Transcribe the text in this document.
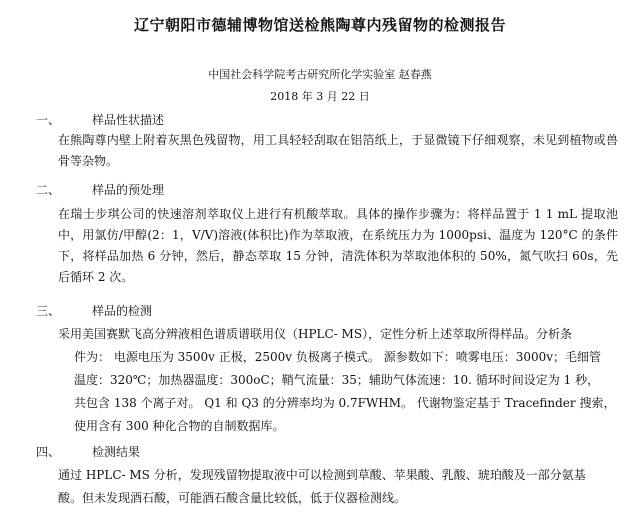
辽宁朝阳市德辅博物馆送检熊陶尊内残留物的检测报告
中国社会科学院考古研究所化学实验室 赵春燕
2018 年 3 月 22 日
一、	样品性状描述
在熊陶尊内壁上附着灰黑色残留物，用工具轻轻刮取在铝箔纸上，于显微镜下仔细观察，未见到植物或兽骨等杂物。
二、	样品的预处理
在瑞士步琪公司的快速溶剂萃取仪上进行有机酸萃取。具体的操作步骤为：将样品置于 1 1 mL 提取池中，用氯仿/甲醇(2：1，V/V)溶液(体积比)作为萃取液，在系统压力为 1000psi、温度为 120°C 的条件下，将样品加热 6 分钟，然后，静态萃取 15 分钟，清洗体积为萃取池体积的 50%，氮气吹扫 60s，先后循环 2 次。
三、	样品的检测
采用美国赛默飞高分辨液相色谱质谱联用仪（HPLC- MS），定性分析上述萃取所得样品。分析条
件为： 电源电压为 3500v 正极，2500v 负极离子模式。 源参数如下：喷雾电压：3000v；毛细管
温度：320℃；加热器温度：300oC；鞘气流量：35；辅助气体流速：10. 循环时间设定为 1 秒，
共包含 138 个离子对。 Q1 和 Q3 的分辨率均为 0.7FWHM。 代谢物鉴定基于 Tracefinder 搜索，
使用含有 300 种化合物的自制数据库。
四、	检测结果
通过 HPLC- MS 分析，发现残留物提取液中可以检测到草酸、苹果酸、乳酸、琥珀酸及一部分氨基
酸。但未发现酒石酸，可能酒石酸含量比较低，低于仪器检测线。
